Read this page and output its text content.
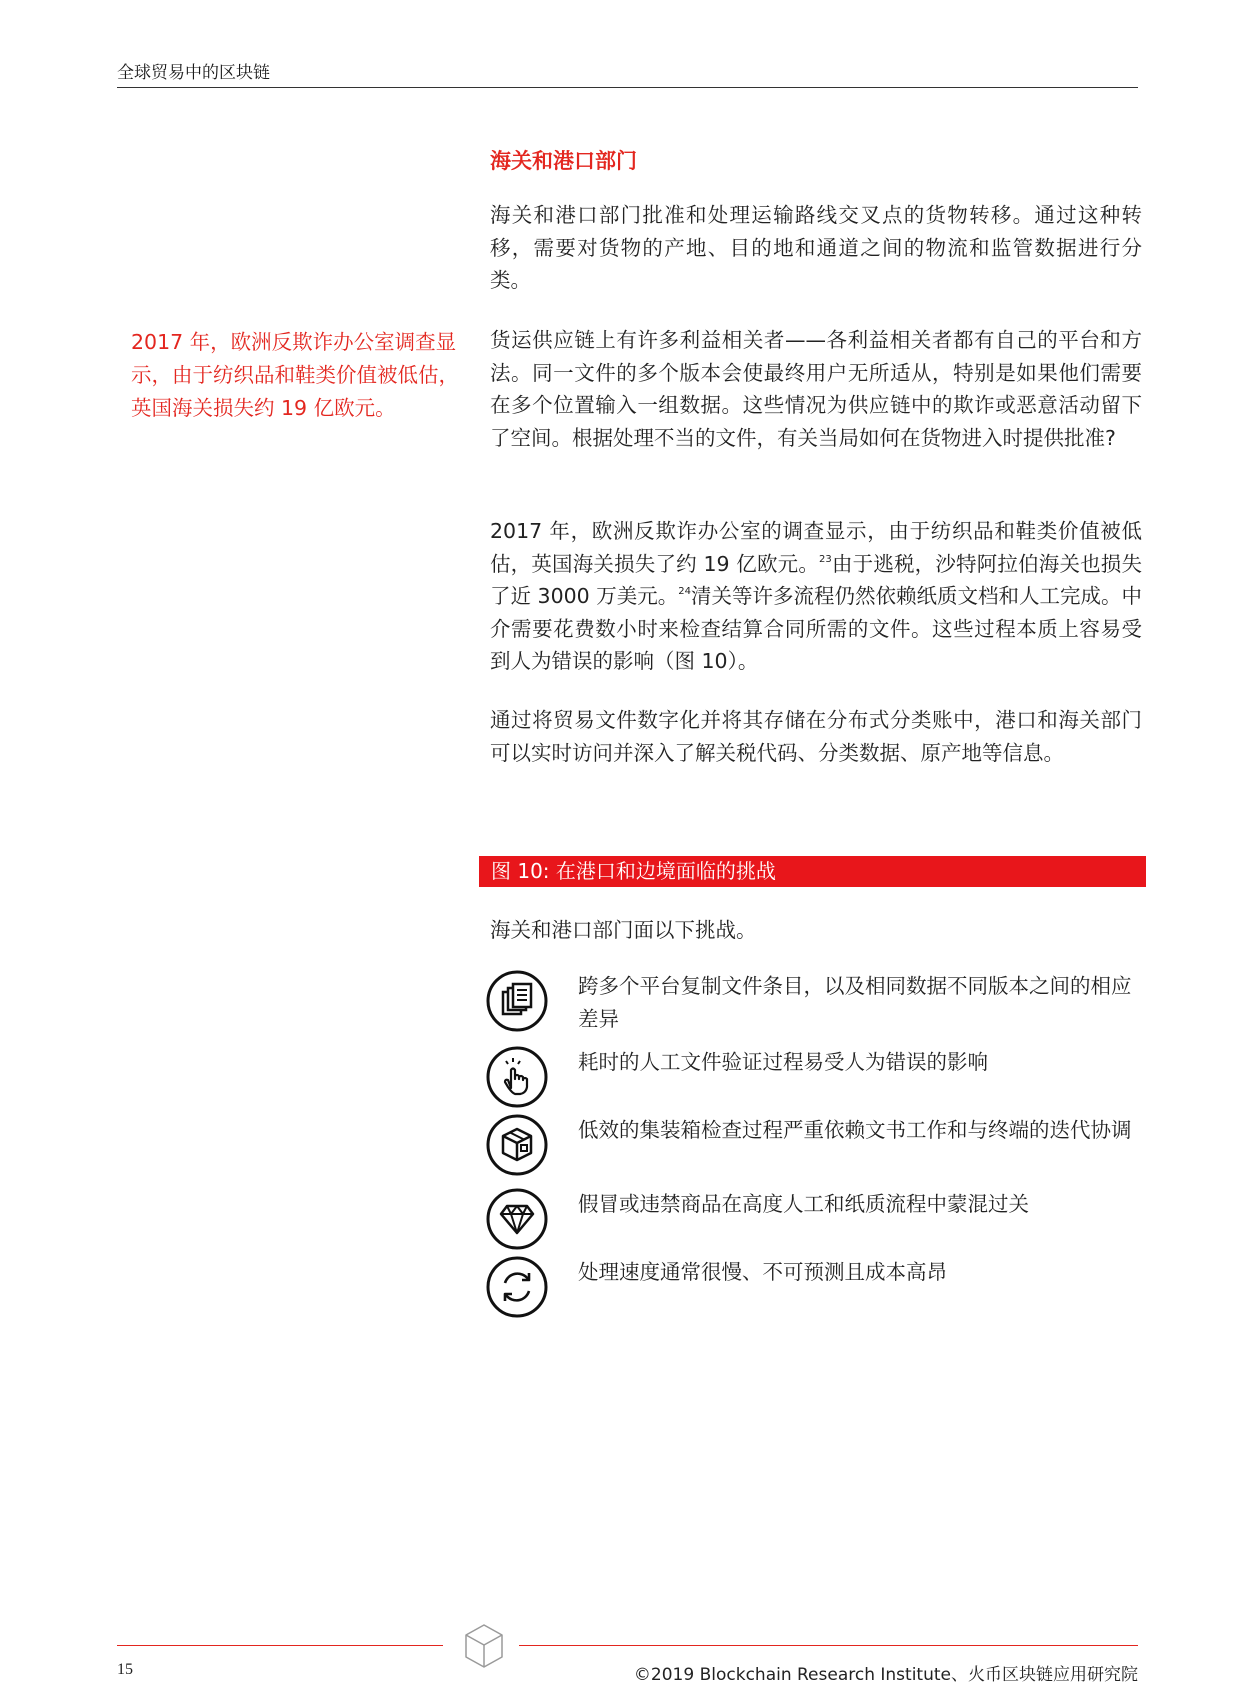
全球贸易中的区块链
2017 年，欧洲反欺诈办公室调查显示，由于纺织品和鞋类价值被低估，英国海关损失约 19 亿欧元。
海关和港口部门
海关和港口部门批准和处理运输路线交叉点的货物转移。通过这种转移，需要对货物的产地、目的地和通道之间的物流和监管数据进行分类。
货运供应链上有许多利益相关者——各利益相关者都有自己的平台和方法。同一文件的多个版本会使最终用户无所适从，特别是如果他们需要在多个位置输入一组数据。这些情况为供应链中的欺诈或恶意活动留下了空间。根据处理不当的文件，有关当局如何在货物进入时提供批准?
2017 年，欧洲反欺诈办公室的调查显示，由于纺织品和鞋类价值被低估，英国海关损失了约 19 亿欧元。$^{23}$由于逃税，沙特阿拉伯海关也损失了近 3000 万美元。$^{24}$清关等许多流程仍然依赖纸质文档和人工完成。中介需要花费数小时来检查结算合同所需的文件。这些过程本质上容易受到人为错误的影响（图 10）。
通过将贸易文件数字化并将其存储在分布式分类账中，港口和海关部门可以实时访问并深入了解关税代码、分类数据、原产地等信息。
图 10: 在港口和边境面临的挑战
海关和港口部门面以下挑战。
跨多个平台复制文件条目，以及相同数据不同版本之间的相应差异
耗时的人工文件验证过程易受人为错误的影响
低效的集装箱检查过程严重依赖文书工作和与终端的迭代协调
假冒或违禁商品在高度人工和纸质流程中蒙混过关
处理速度通常很慢、不可预测且成本高昂
15	©2019 Blockchain Research Institute、火币区块链应用研究院
